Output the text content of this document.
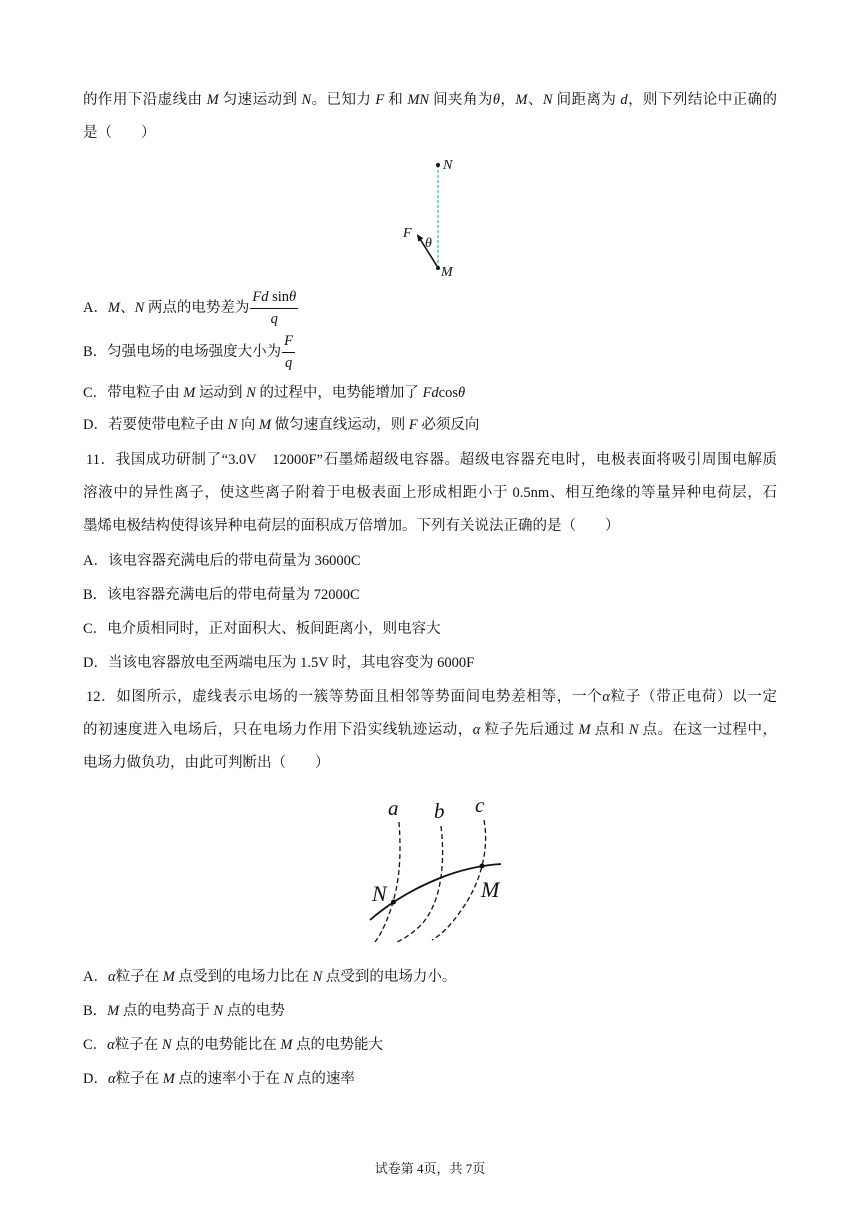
的作用下沿虚线由 M 匀速运动到 N。已知力 F 和 MN 间夹角为θ，M、N 间距离为 d，则下列结论中正确的
是（　　）
N
M
F
θ
A．M、N 两点的电势差为 $\frac{\text{Fd sinθ}}{q}$
B．匀强电场的电场强度大小为 $\frac{F}{q}$
C．带电粒子由 M 运动到 N 的过程中，电势能增加了 Fdcosθ
D．若要使带电粒子由 N 向 M 做匀速直线运动，则 F 必须反向
11．我国成功研制了“3.0V　12000F”石墨烯超级电容器。超级电容器充电时，电极表面将吸引周围电解质
溶液中的异性离子，使这些离子附着于电极表面上形成相距小于 0.5nm、相互绝缘的等量异种电荷层，石
墨烯电极结构使得该异种电荷层的面积成万倍增加。下列有关说法正确的是（　　）
A．该电容器充满电后的带电荷量为 36000C
B．该电容器充满电后的带电荷量为 72000C
C．电介质相同时，正对面积大、板间距离小，则电容大
D．当该电容器放电至两端电压为 1.5V 时，其电容变为 6000F
12．如图所示，虚线表示电场的一簇等势面且相邻等势面间电势差相等，一个α粒子（带正电荷）以一定
的初速度进入电场后，只在电场力作用下沿实线轨迹运动，α 粒子先后通过 M 点和 N 点。在这一过程中，
电场力做负功，由此可判断出（　　）
a b c
N	M
A．α粒子在 M 点受到的电场力比在 N 点受到的电场力小。
B．M 点的电势高于 N 点的电势
C．α粒子在 N 点的电势能比在 M 点的电势能大
D．α粒子在 M 点的速率小于在 N 点的速率
试卷第 4页，共 7页
